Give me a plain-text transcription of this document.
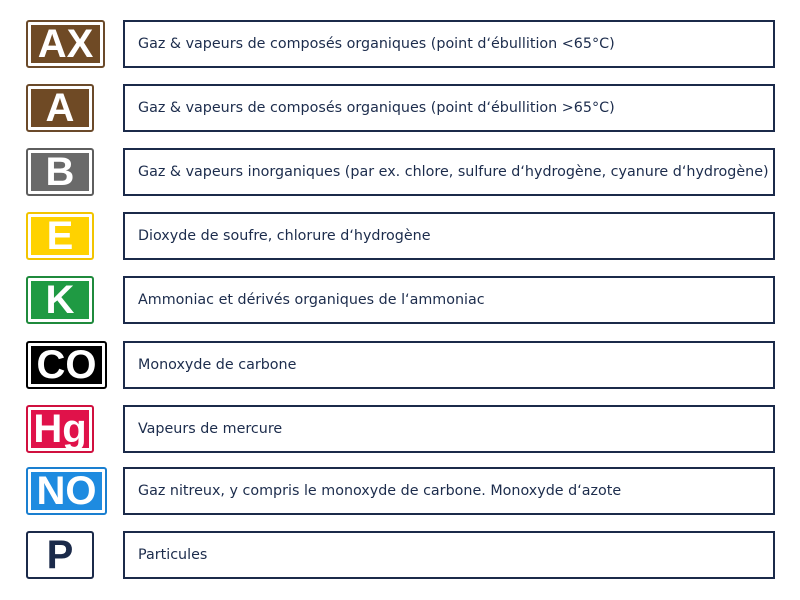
AX	Gaz & vapeurs de composés organiques (point d‘ébullition <65°C)
A	Gaz & vapeurs de composés organiques (point d‘ébullition >65°C)
B	Gaz & vapeurs inorganiques (par ex. chlore, sulfure d‘hydrogène, cyanure d‘hydrogène)
E	Dioxyde de soufre, chlorure d‘hydrogène
K	Ammoniac et dérivés organiques de l‘ammoniac
CO	Monoxyde de carbone
Hg	Vapeurs de mercure
NO	Gaz nitreux, y compris le monoxyde de carbone. Monoxyde d‘azote
P	Particules
